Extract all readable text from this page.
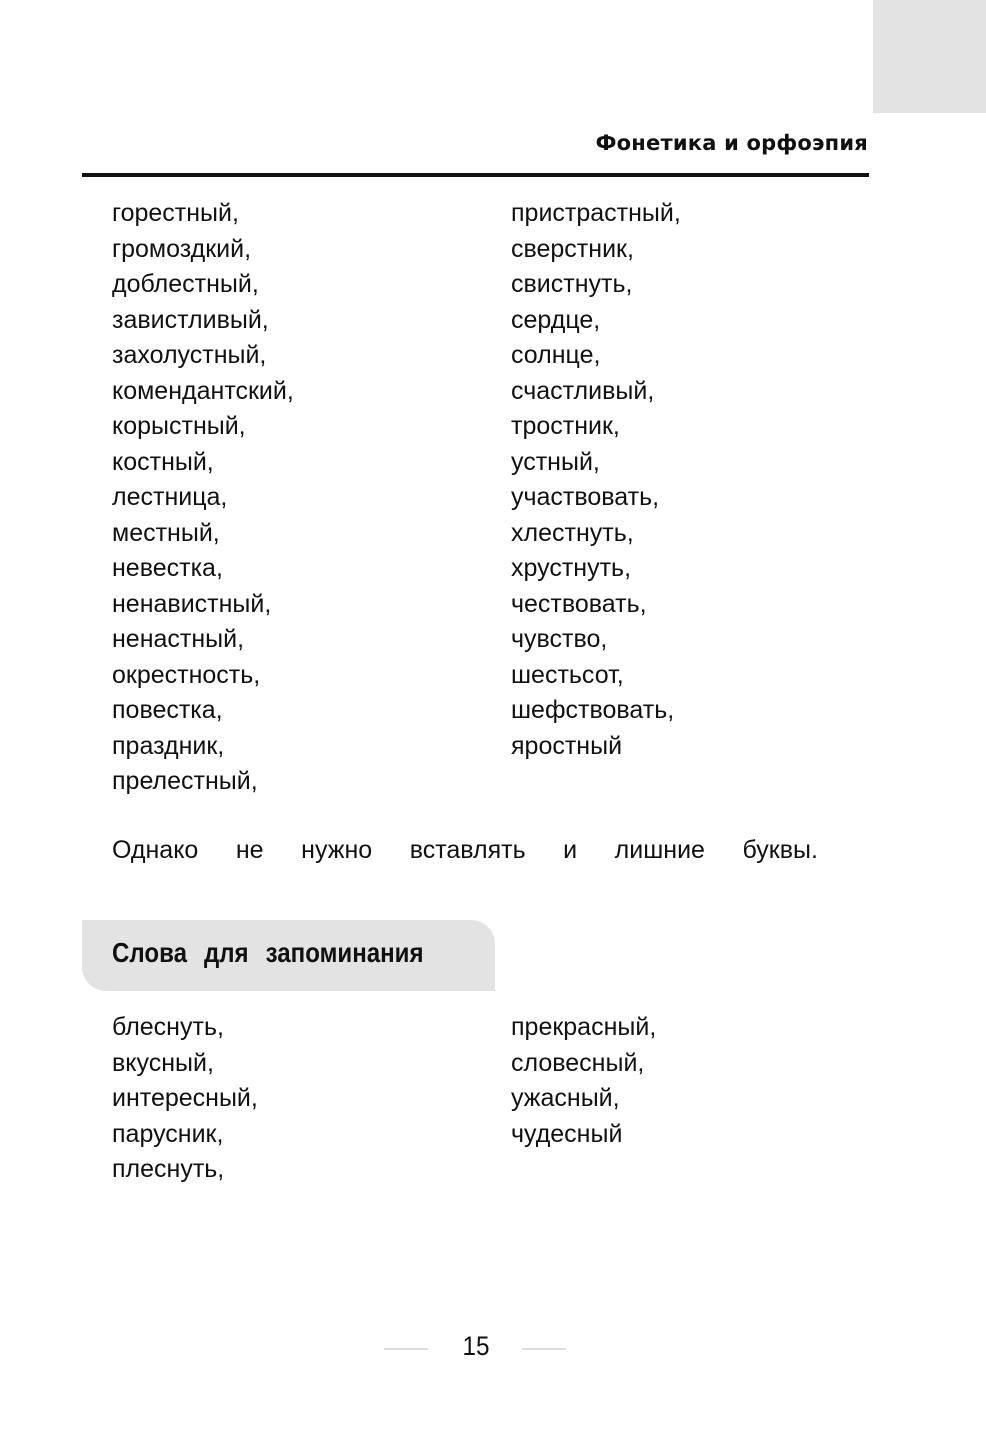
Фонетика и орфоэпия
горестный,
громоздкий,
доблестный,
завистливый,
захолустный,
комендантский,
корыстный,
костный,
лестница,
местный,
невестка,
ненавистный,
ненастный,
окрестность,
повестка,
праздник,
прелестный,
пристрастный,
сверстник,
свистнуть,
сердце,
солнце,
счастливый,
тростник,
устный,
участвовать,
хлестнуть,
хрустнуть,
чествовать,
чувство,
шестьсот,
шефствовать,
яростный
Однако не нужно вставлять и лишние буквы.
Слова для запоминания
блеснуть,
вкусный,
интересный,
парусник,
плеснуть,
прекрасный,
словесный,
ужасный,
чудесный
15
